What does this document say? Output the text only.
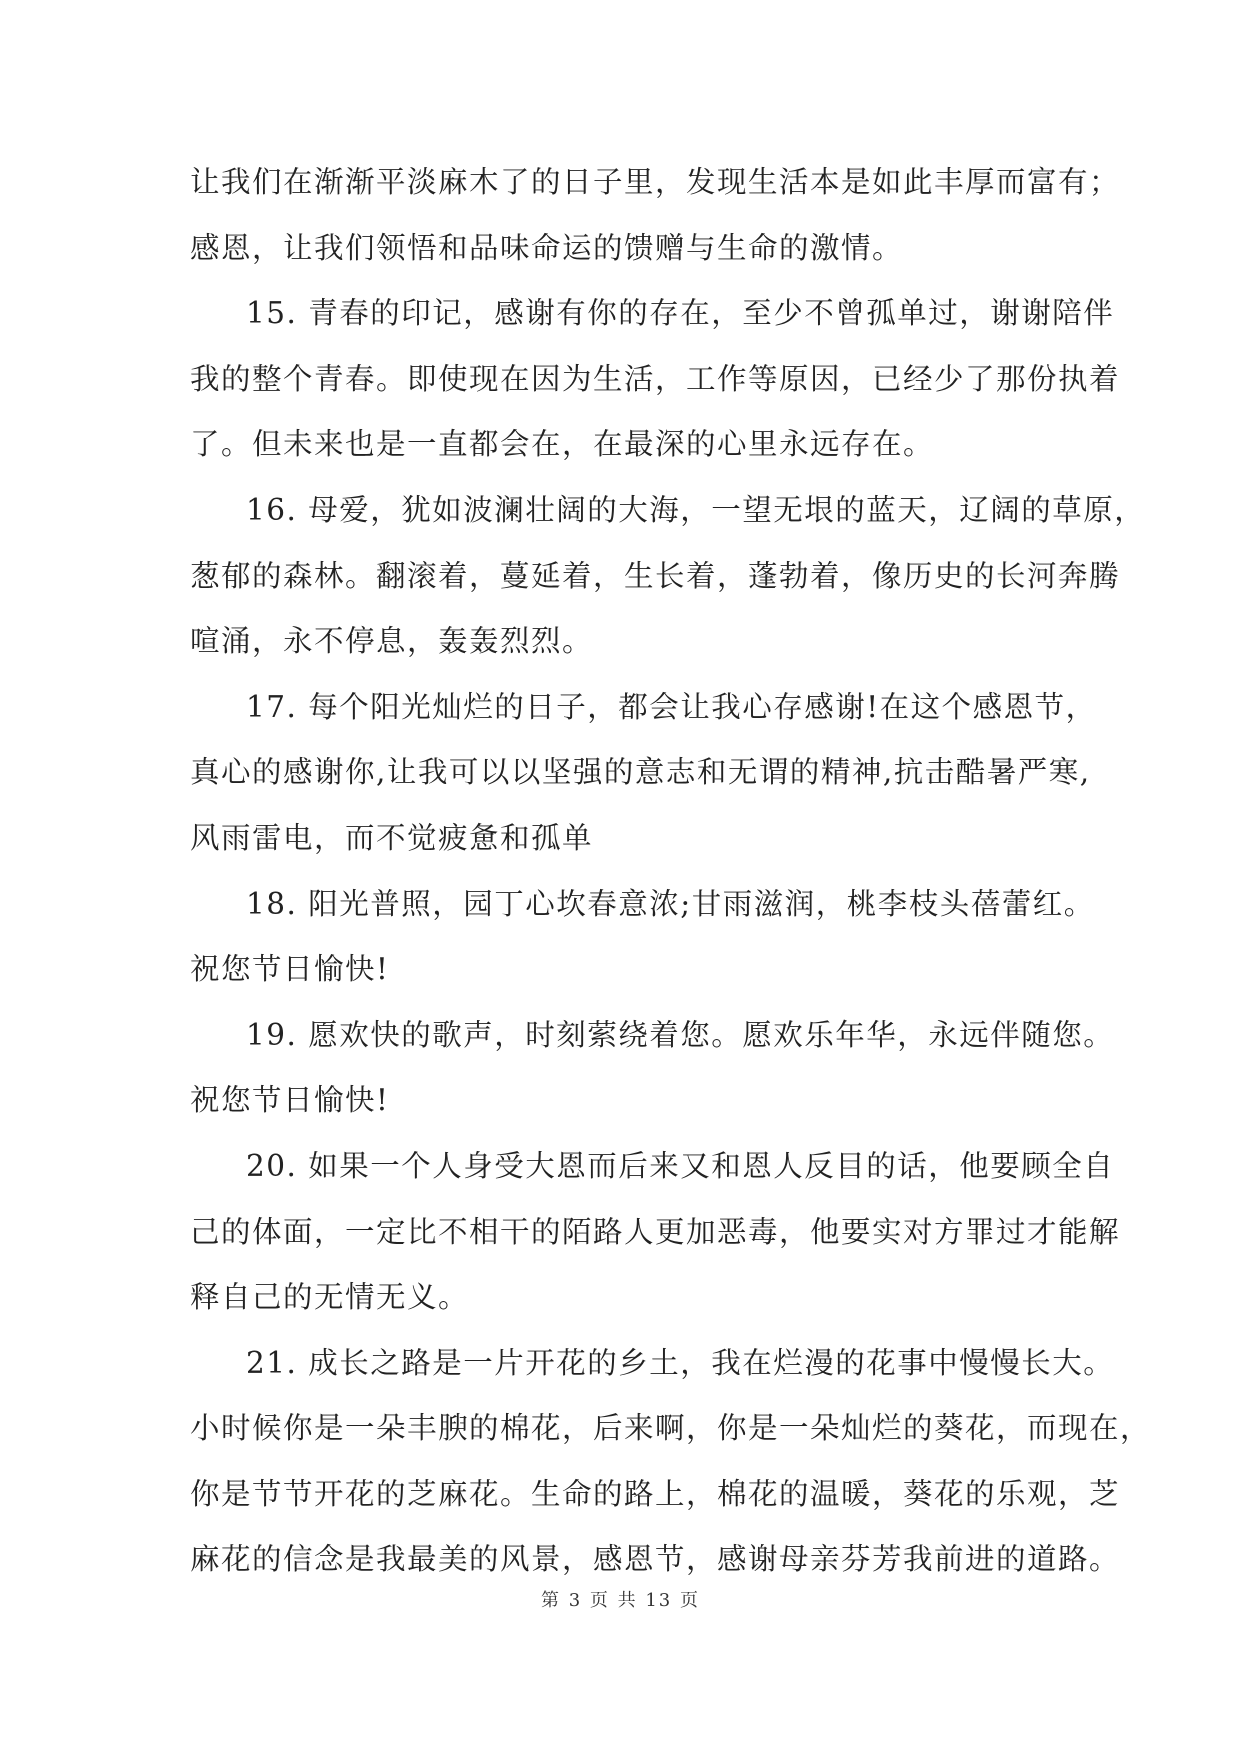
让我们在渐渐平淡麻木了的日子里，发现生活本是如此丰厚而富有；
感恩，让我们领悟和品味命运的馈赠与生命的激情。
15. 青春的印记，感谢有你的存在，至少不曾孤单过，谢谢陪伴
我的整个青春。即使现在因为生活，工作等原因，已经少了那份执着
了。但未来也是一直都会在，在最深的心里永远存在。
16. 母爱，犹如波澜壮阔的大海，一望无垠的蓝天，辽阔的草原，
葱郁的森林。翻滚着，蔓延着，生长着，蓬勃着，像历史的长河奔腾
喧涌，永不停息，轰轰烈烈。
17. 每个阳光灿烂的日子，都会让我心存感谢!在这个感恩节，
真心的感谢你,让我可以以坚强的意志和无谓的精神,抗击酷暑严寒,
风雨雷电，而不觉疲惫和孤单
18. 阳光普照，园丁心坎春意浓;甘雨滋润，桃李枝头蓓蕾红。
祝您节日愉快!
19. 愿欢快的歌声，时刻萦绕着您。愿欢乐年华，永远伴随您。
祝您节日愉快!
20. 如果一个人身受大恩而后来又和恩人反目的话，他要顾全自
己的体面，一定比不相干的陌路人更加恶毒，他要实对方罪过才能解
释自己的无情无义。
21. 成长之路是一片开花的乡土，我在烂漫的花事中慢慢长大。
小时候你是一朵丰腴的棉花，后来啊，你是一朵灿烂的葵花，而现在，
你是节节开花的芝麻花。生命的路上，棉花的温暖，葵花的乐观，芝
麻花的信念是我最美的风景，感恩节，感谢母亲芬芳我前进的道路。
第 3 页 共 13 页
